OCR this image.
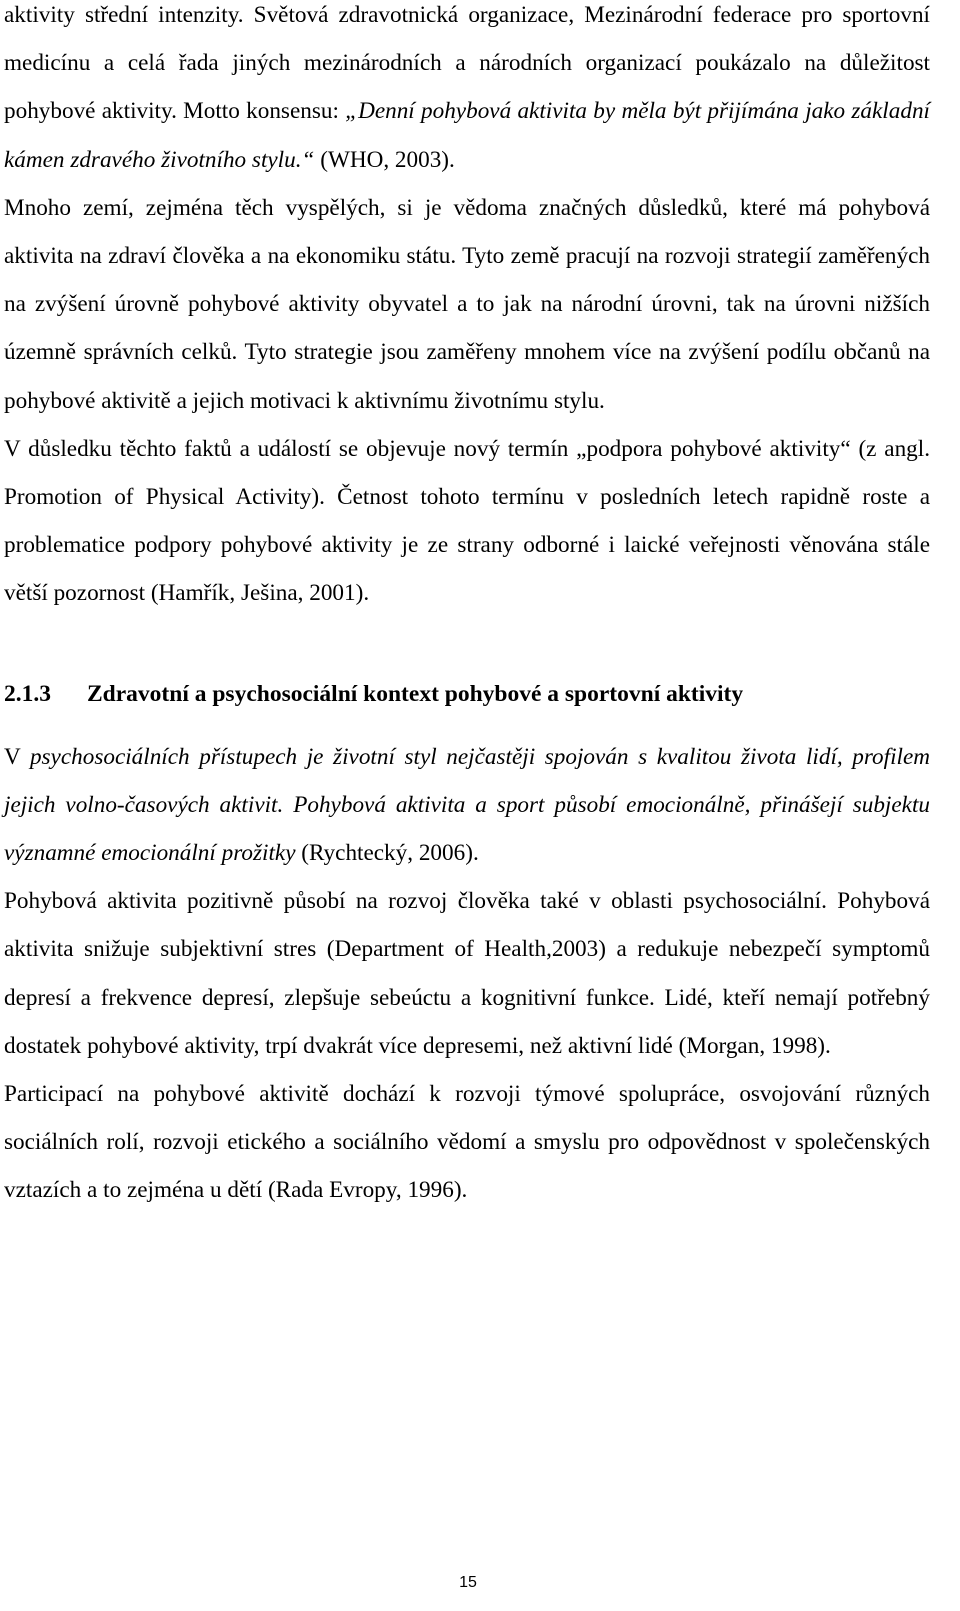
aktivity střední intenzity. Světová zdravotnická organizace, Mezinárodní federace pro sportovní medicínu a celá řada jiných mezinárodních a národních organizací poukázalo na důležitost pohybové aktivity. Motto konsensu: „Denní pohybová aktivita by měla být přijímána jako základní kámen zdravého životního stylu.“ (WHO, 2003).

Mnoho zemí, zejména těch vyspělých, si je vědoma značných důsledků, které má pohybová aktivita na zdraví člověka a na ekonomiku státu. Tyto země pracují na rozvoji strategií zaměřených na zvýšení úrovně pohybové aktivity obyvatel a to jak na národní úrovni, tak na úrovni nižších územně správních celků. Tyto strategie jsou zaměřeny mnohem více na zvýšení podílu občanů na pohybové aktivitě a jejich motivaci k aktivnímu životnímu stylu.

V důsledku těchto faktů a událostí se objevuje nový termín „podpora pohybové aktivity“ (z angl. Promotion of Physical Activity). Četnost tohoto termínu v posledních letech rapidně roste a problematice podpory pohybové aktivity je ze strany odborné i laické veřejnosti věnována stále větší pozornost (Hamřík, Ješina, 2001).

2.1.3 Zdravotní a psychosociální kontext pohybové a sportovní aktivity

V psychosociálních přístupech je životní styl nejčastěji spojován s kvalitou života lidí, profilem jejich volno-časových aktivit. Pohybová aktivita a sport působí emocionálně, přinášejí subjektu významné emocionální prožitky (Rychtecký, 2006).

Pohybová aktivita pozitivně působí na rozvoj člověka také v oblasti psychosociální. Pohybová aktivita snižuje subjektivní stres (Department of Health,2003) a redukuje nebezpečí symptomů depresí a frekvence depresí, zlepšuje sebeúctu a kognitivní funkce. Lidé, kteří nemají potřebný dostatek pohybové aktivity, trpí dvakrát více depresemi, než aktivní lidé (Morgan, 1998).

Participací na pohybové aktivitě dochází k rozvoji týmové spolupráce, osvojování různých sociálních rolí, rozvoji etického a sociálního vědomí a smyslu pro odpovědnost v společenských vztazích a to zejména u dětí (Rada Evropy, 1996).

15
